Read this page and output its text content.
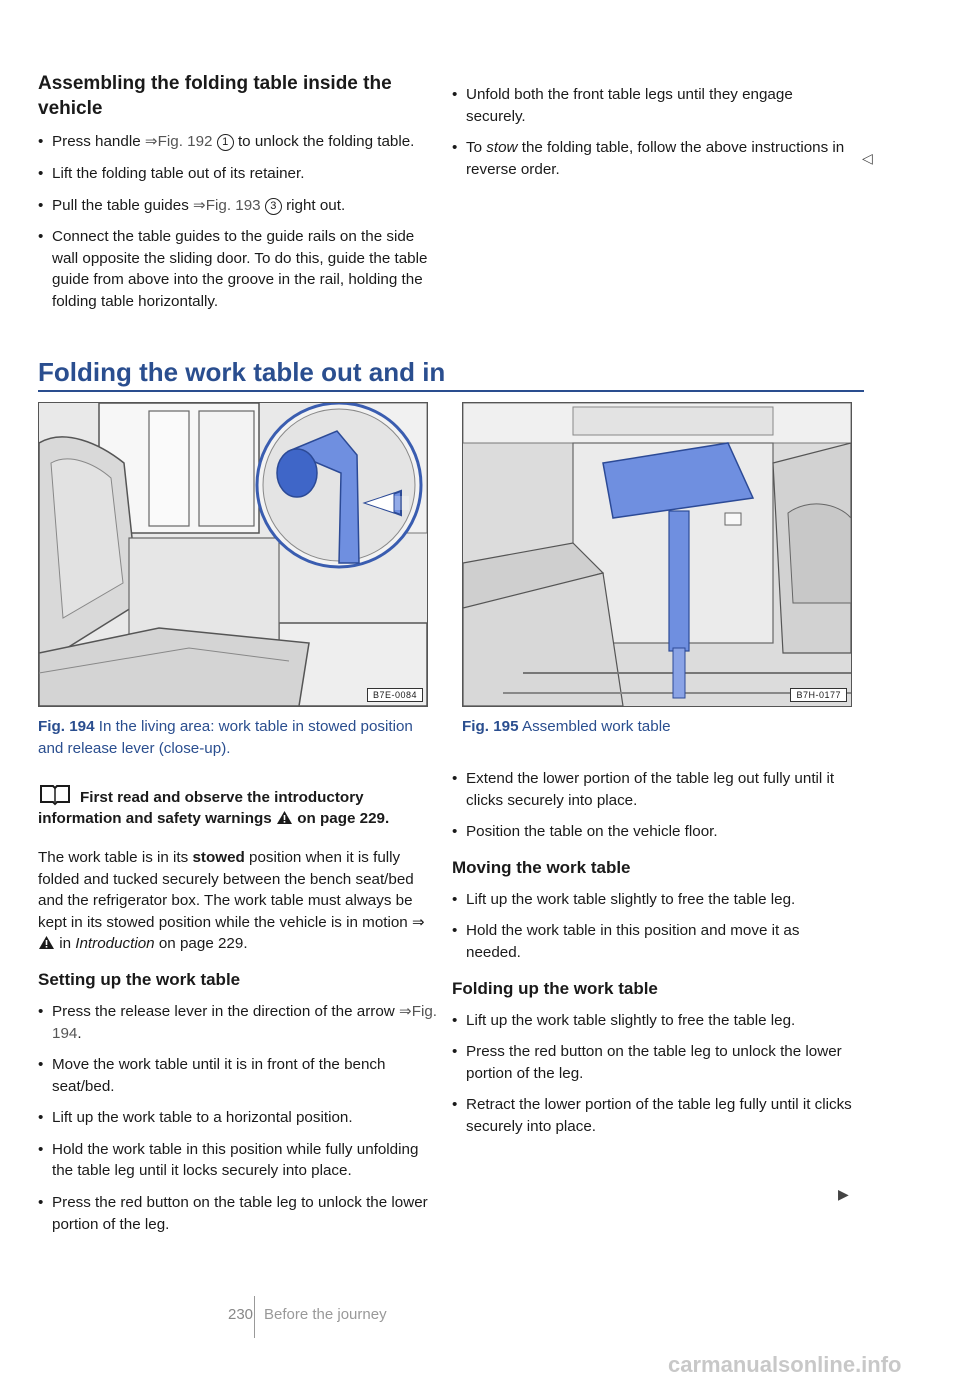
Assembling the folding table inside the vehicle
• Press handle ⇒Fig. 192 1 to unlock the folding table.
• Lift the folding table out of its retainer.
• Pull the table guides ⇒Fig. 193 3 right out.
• Connect the table guides to the guide rails on the side wall opposite the sliding door. To do this, guide the table guide from above into the groove in the rail, holding the folding table horizontally.
• Unfold both the front table legs until they engage securely.
• To stow the folding table, follow the above instructions in reverse order.
◁
Folding the work table out and in
B7E-0084	B7H-0177
Fig. 194 In the living area: work table in stowed position and release lever (close-up).
Fig. 195 Assembled work table
First read and observe the introductory information and safety warnings  on page 229.
The work table is in its stowed position when it is fully folded and tucked securely between the bench seat/bed and the refrigerator box. The work table must always be kept in its stowed position while the vehicle is in motion ⇒ in Introduction on page 229.
Setting up the work table
• Press the release lever in the direction of the arrow ⇒Fig. 194.
• Move the work table until it is in front of the bench seat/bed.
• Lift up the work table to a horizontal position.
• Hold the work table in this position while fully unfolding the table leg until it locks securely into place.
• Press the red button on the table leg to unlock the lower portion of the leg.
• Extend the lower portion of the table leg out fully until it clicks securely into place.
• Position the table on the vehicle floor.
Moving the work table
• Lift up the work table slightly to free the table leg.
• Hold the work table in this position and move it as needed.
Folding up the work table
• Lift up the work table slightly to free the table leg.
• Press the red button on the table leg to unlock the lower portion of the leg.
• Retract the lower portion of the table leg fully until it clicks securely into place.
▶
230 Before the journey
carmanualsonline.info
